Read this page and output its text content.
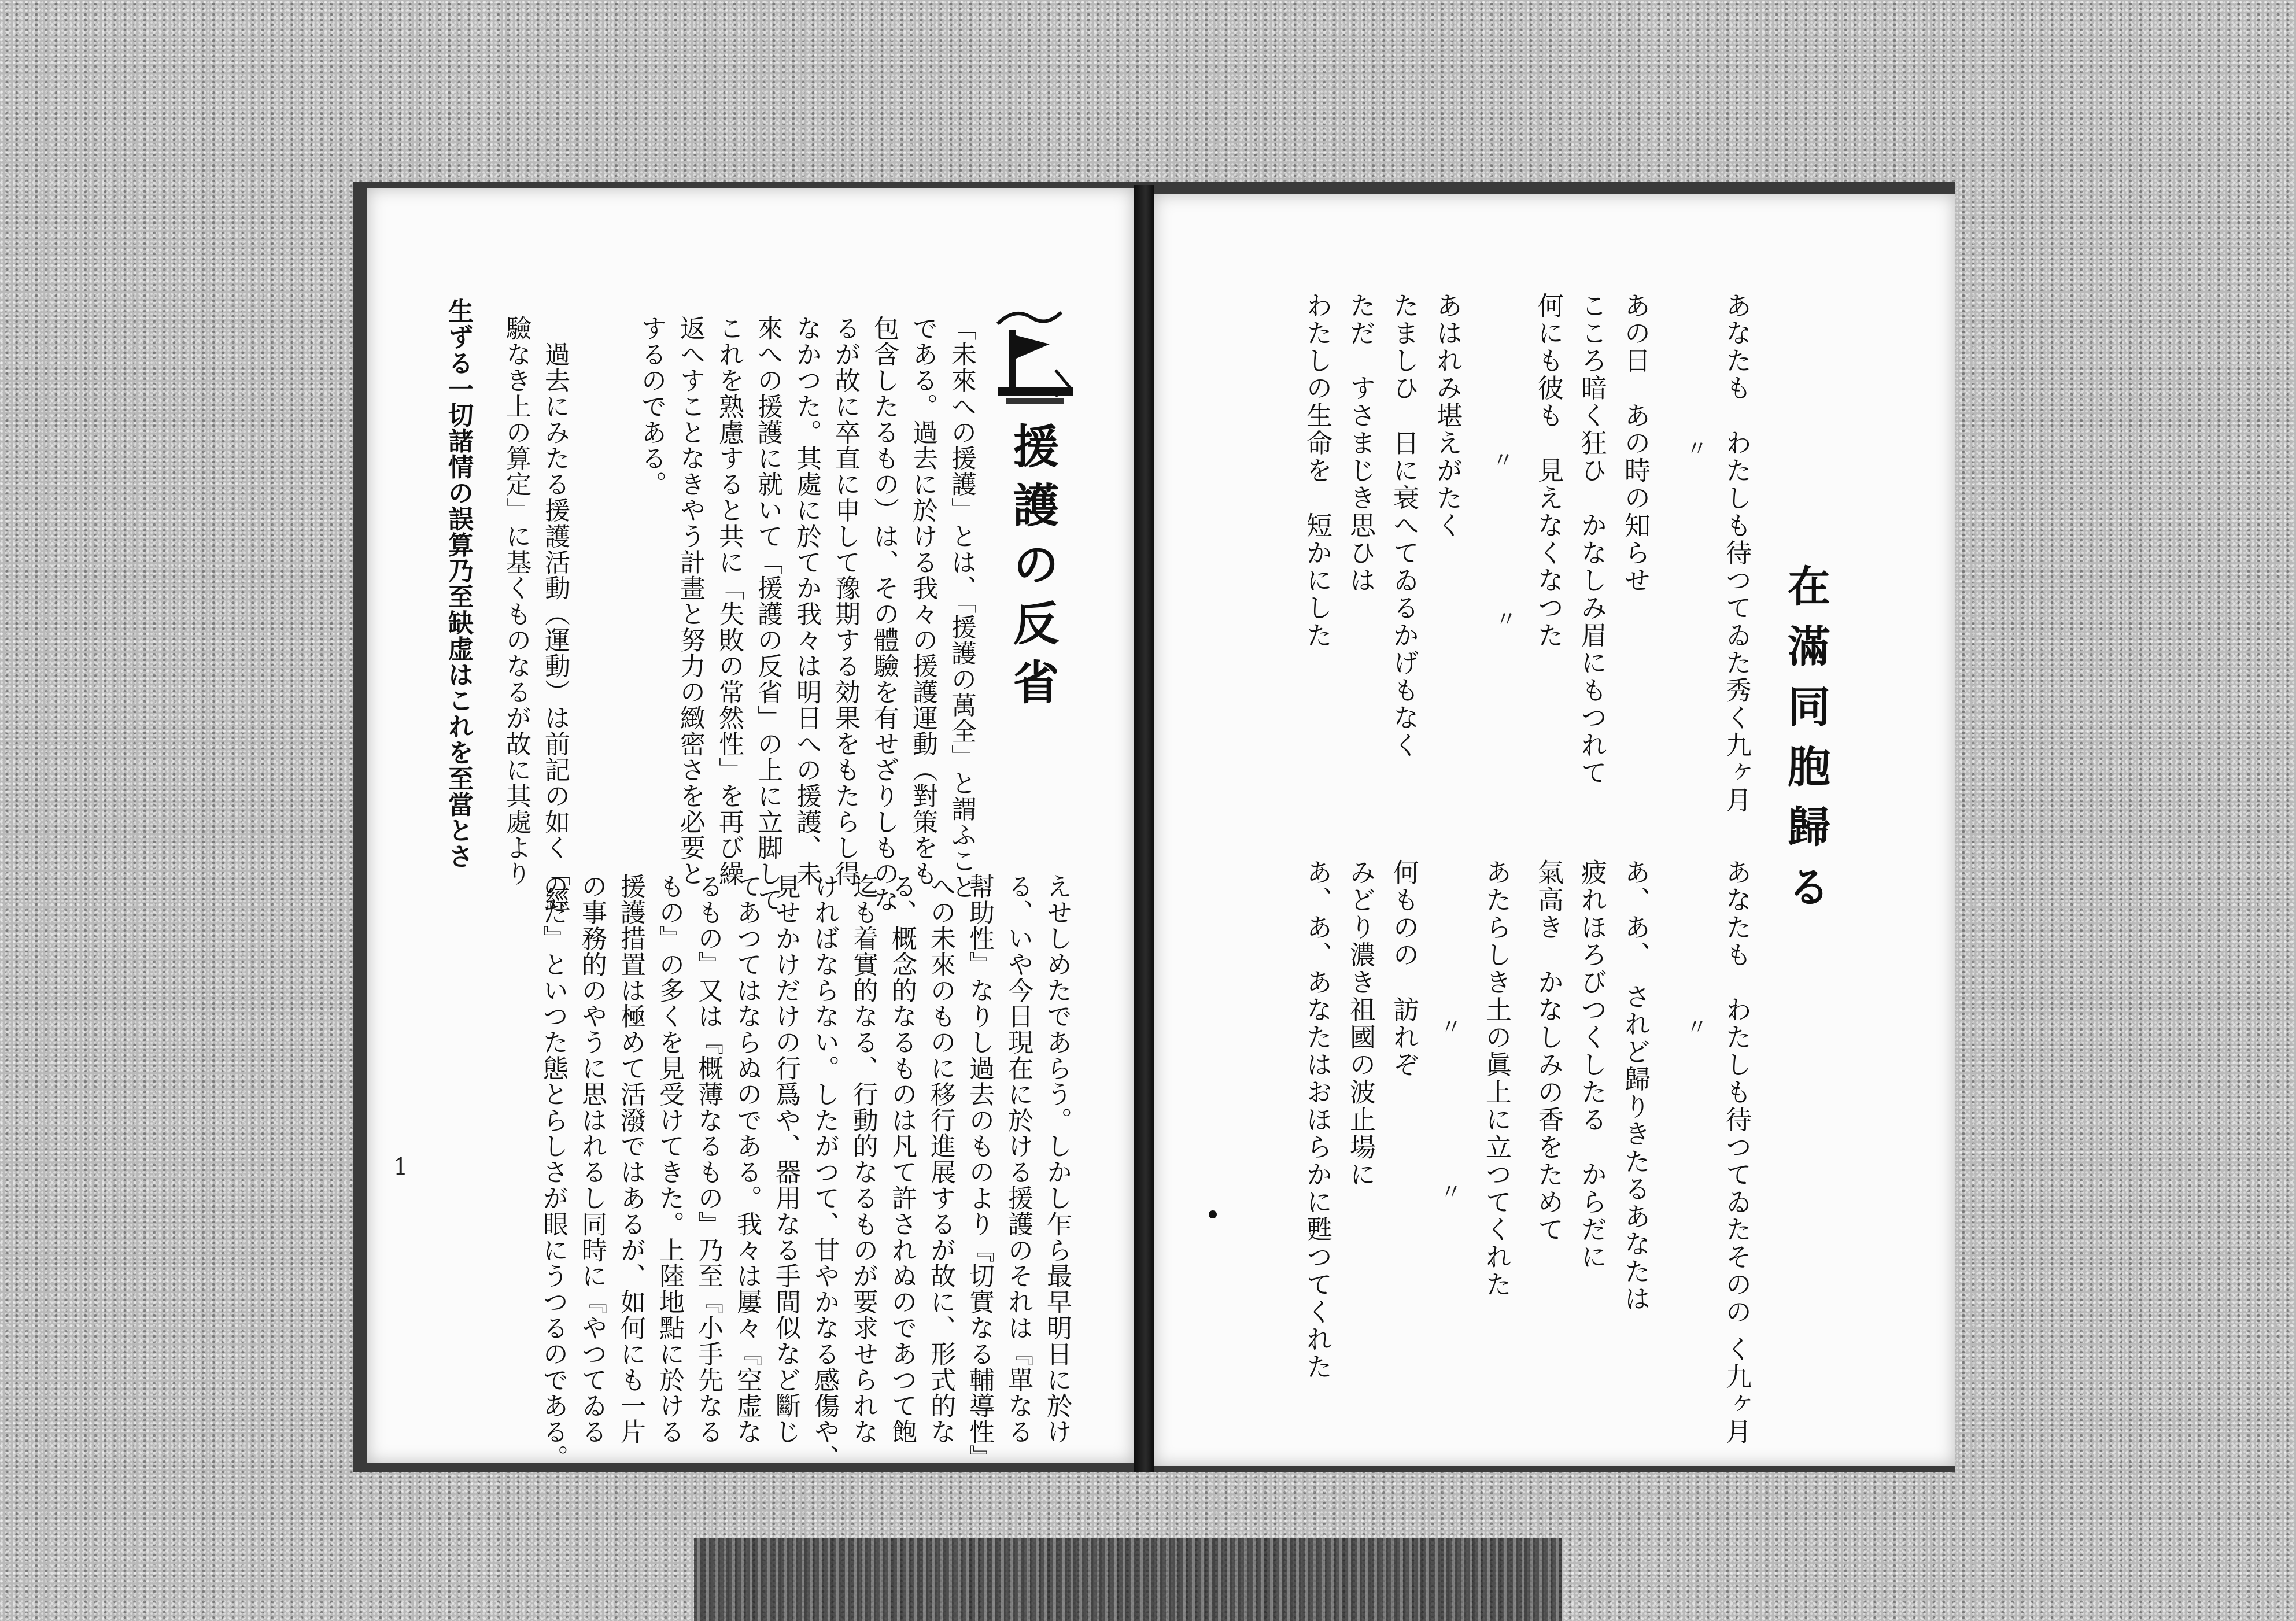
在滿同胞歸る
あなたも　わたしも待つてゐた秀く九ヶ月
あの日　あの時の知らせ
こころ暗く狂ひ　かなしみ眉にもつれて
何にも彼も　見えなくなつた
あはれみ堪えがたく
たましひ　日に衰へてゐるかげもなく
ただ　すさまじき思ひは
わたしの生命を　短かにした
あなたも　わたしも待つてゐたそのの く九ヶ月
あ、あ、　されど歸りきたるあなたは
疲れほろびつくしたる　からだに
氣高き　かなしみの香をためて
あたらしき土の眞上に立つてくれた
何ものの　訪れぞ
みどり濃き祖國の波止場に
あ、あ、あなたはおほらかに甦つてくれた
〃
〃
〃
〃
〃
〃
援護の反省
「未來への援護」とは、「援護の萬全」と謂ふこと
である。過去に於ける我々の援護運動（對策をも
包含したるもの）は、その體驗を有せざりしものな
るが故に卒直に申して豫期する効果をもたらし得
なかつた。其處に於てか我々は明日への援護、未
來への援護に就いて「援護の反省」の上に立脚して
これを熟慮すると共に「失敗の常然性」を再び繰
返へすことなきやう計畫と努力の緻密さを必要と
するのである。
　過去にみたる援護活動（運動）は前記の如く「經
驗なき上の算定」に基くものなるが故に其處より
生ずる一切諸情の誤算乃至缺虚はこれを至當とさ
えせしめたであらう。しかし乍ら最早明日に於け
る、いや今日現在に於ける援護のそれは『單なる
幇助性』なりし過去のものより『切實なる輔導性』
への未來のものに移行進展するが故に、形式的な
る、概念的なるものは凡て許されぬのであつて飽
迄も着實的なる、行動的なるものが要求せられな
ければならない。したがつて、甘やかなる感傷や、
見せかけだけの行爲や、器用なる手間似など斷じ
てあつてはならぬのである。我々は屢々『空虚な
るもの』又は『概薄なるもの』乃至『小手先なる
もの』の多くを見受けてきた。上陸地點に於ける
援護措置は極めて活潑ではあるが、如何にも一片
の事務的のやうに思はれるし同時に『やつてゐる
のだ』といつた態とらしさが眼にうつるのである。
1
